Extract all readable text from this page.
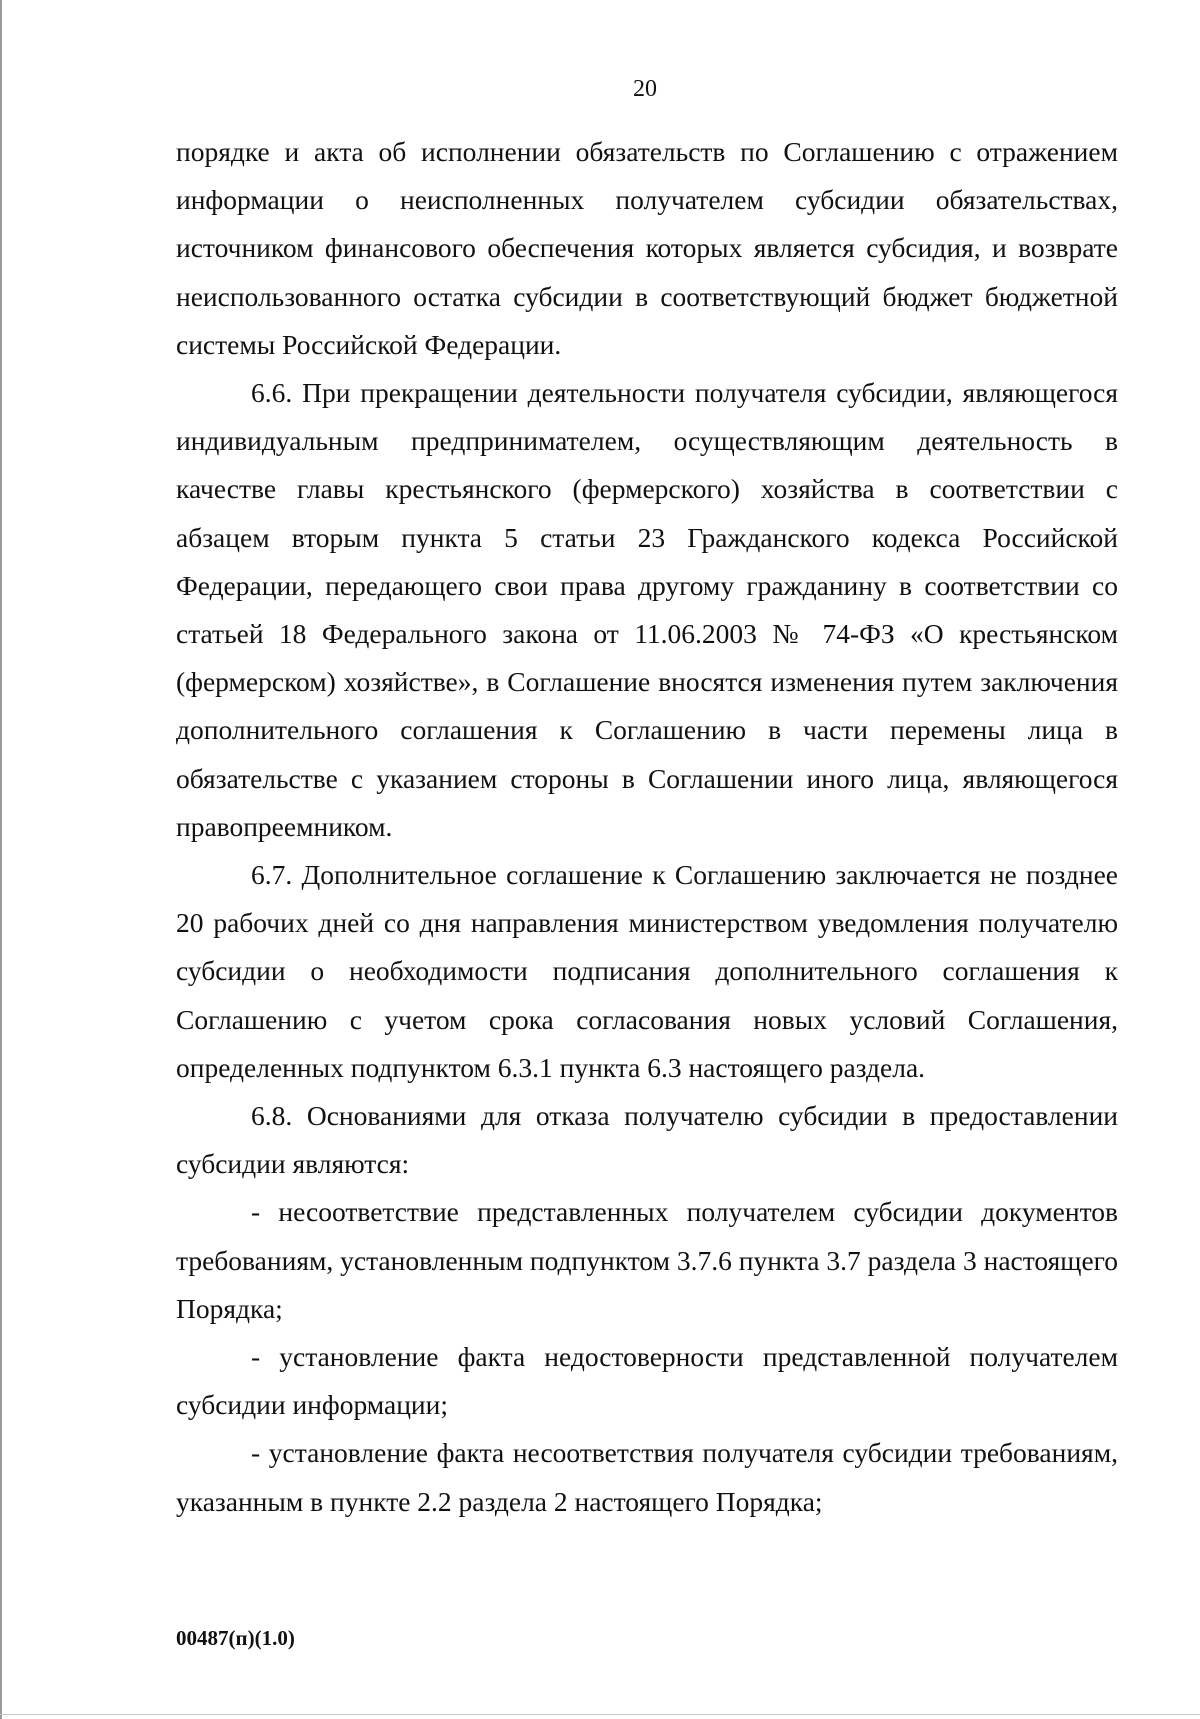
20

порядке и акта об исполнении обязательств по Соглашению с отражением информации о неисполненных получателем субсидии обязательствах, источником финансового обеспечения которых является субсидия, и возврате неиспользованного остатка субсидии в соответствующий бюджет бюджетной системы Российской Федерации.

6.6. При прекращении деятельности получателя субсидии, являющегося индивидуальным предпринимателем, осуществляющим деятельность в качестве главы крестьянского (фермерского) хозяйства в соответствии с абзацем вторым пункта 5 статьи 23 Гражданского кодекса Российской Федерации, передающего свои права другому гражданину в соответствии со статьей 18 Федерального закона от 11.06.2003 № 74-ФЗ «О крестьянском (фермерском) хозяйстве», в Соглашение вносятся изменения путем заключения дополнительного соглашения к Соглашению в части перемены лица в обязательстве с указанием стороны в Соглашении иного лица, являющегося правопреемником.

6.7. Дополнительное соглашение к Соглашению заключается не позднее 20 рабочих дней со дня направления министерством уведомления получателю субсидии о необходимости подписания дополнительного соглашения к Соглашению с учетом срока согласования новых условий Соглашения, определенных подпунктом 6.3.1 пункта 6.3 настоящего раздела.

6.8. Основаниями для отказа получателю субсидии в предоставлении субсидии являются:

- несоответствие представленных получателем субсидии документов требованиям, установленным подпунктом 3.7.6 пункта 3.7 раздела 3 настоящего Порядка;

- установление факта недостоверности представленной получателем субсидии информации;

- установление факта несоответствия получателя субсидии требованиям, указанным в пункте 2.2 раздела 2 настоящего Порядка;

00487(п)(1.0)
